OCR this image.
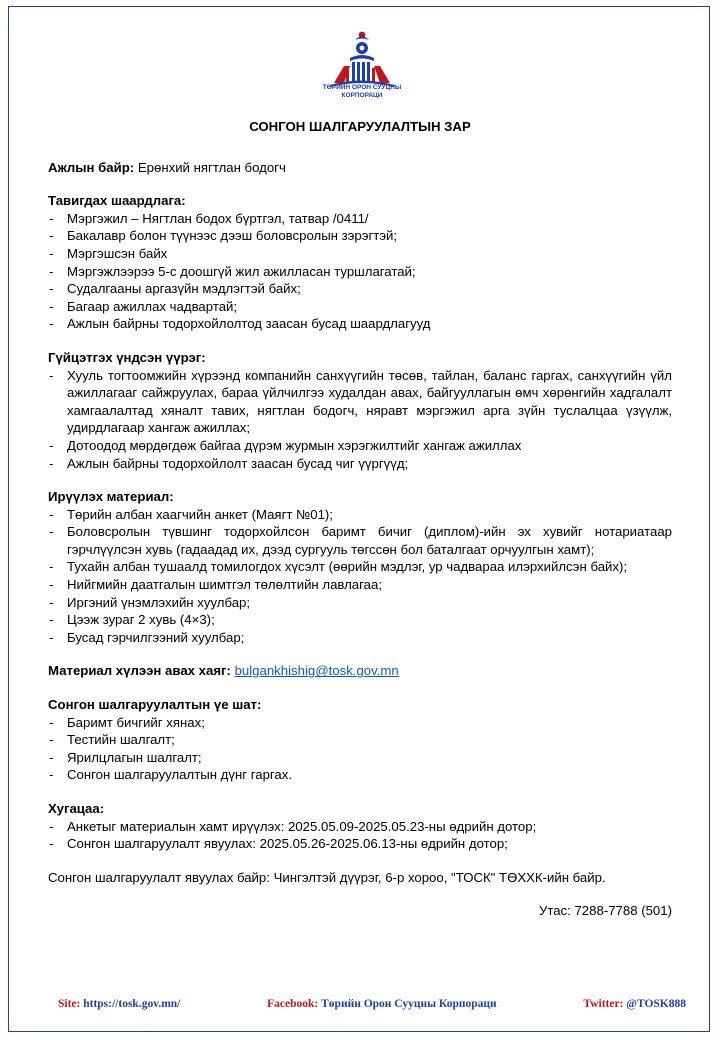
ТӨРИЙН ОРОН СУУЦНЫ
КОРПОРАЦИ

СОНГОН ШАЛГАРУУЛАЛТЫН ЗАР

Ажлын байр: Ерөнхий нягтлан бодогч

Тавигдах шаардлага:

- Мэргэжил – Нягтлан бодох бүртгэл, татвар /0411/
- Бакалавр болон түүнээс дээш боловсролын зэрэгтэй;
- Мэргэшсэн байх
- Мэргэжлээрээ 5-с доошгүй жил ажилласан туршлагатай;
- Судалгааны аргазүйн мэдлэгтэй байх;
- Багаар ажиллах чадвартай;
- Ажлын байрны тодорхойлолтод заасан бусад шаардлагууд

Гүйцэтгэх үндсэн үүрэг:

- Хууль тогтоомжийн хүрээнд компанийн санхүүгийн төсөв, тайлан, баланс гаргах, санхүүгийн үйл ажиллагааг сайжруулах, бараа үйлчилгээ худалдан авах, байгууллагын өмч хөрөнгийн хадгалалт хамгаалалтад хяналт тавих, нягтлан бодогч, няравт мэргэжил арга зүйн туслалцаа үзүүлж, удирдлагаар хангаж ажиллах;
- Дотоодод мөрдөгдөж байгаа дүрэм журмын хэрэгжилтийг хангаж ажиллах
- Ажлын байрны тодорхойлолт заасан бусад чиг үүргүүд;

Ирүүлэх материал:

- Төрийн албан хаагчийн анкет (Маягт №01);
- Боловсролын түвшинг тодорхойлсон баримт бичиг (диплом)-ийн эх хувийг нотариатаар гэрчлүүлсэн хувь (гадаадад их, дээд сургууль төгссөн бол баталгаат орчуулгын хамт);
- Тухайн албан тушаалд томилогдох хүсэлт (өөрийн мэдлэг, ур чадвараа илэрхийлсэн байх);
- Нийгмийн даатгалын шимтгэл төлөлтийн лавлагаа;
- Иргэний үнэмлэхийн хуулбар;
- Цээж зураг 2 хувь (4×3);
- Бусад гэрчилгээний хуулбар;

Материал хүлээн авах хаяг: bulgankhishig@tosk.gov.mn

Сонгон шалгаруулалтын үе шат:

- Баримт бичгийг хянах;
- Тестийн шалгалт;
- Ярилцлагын шалгалт;
- Сонгон шалгаруулалтын дүнг гаргах.

Хугацаа:

- Анкетыг материалын хамт ирүүлэх: 2025.05.09-2025.05.23-ны өдрийн дотор;
- Сонгон шалгаруулалт явуулах: 2025.05.26-2025.06.13-ны өдрийн дотор;

Сонгон шалгаруулалт явуулах байр: Чингэлтэй дүүрэг, 6-р хороо, "ТОСК" ТӨХХК-ийн байр.

Утас: 7288-7788 (501)

Site: https://tosk.gov.mn/	Facebook: Төрийн Орон Сууцны Корпораци	Twitter: @TOSK888
